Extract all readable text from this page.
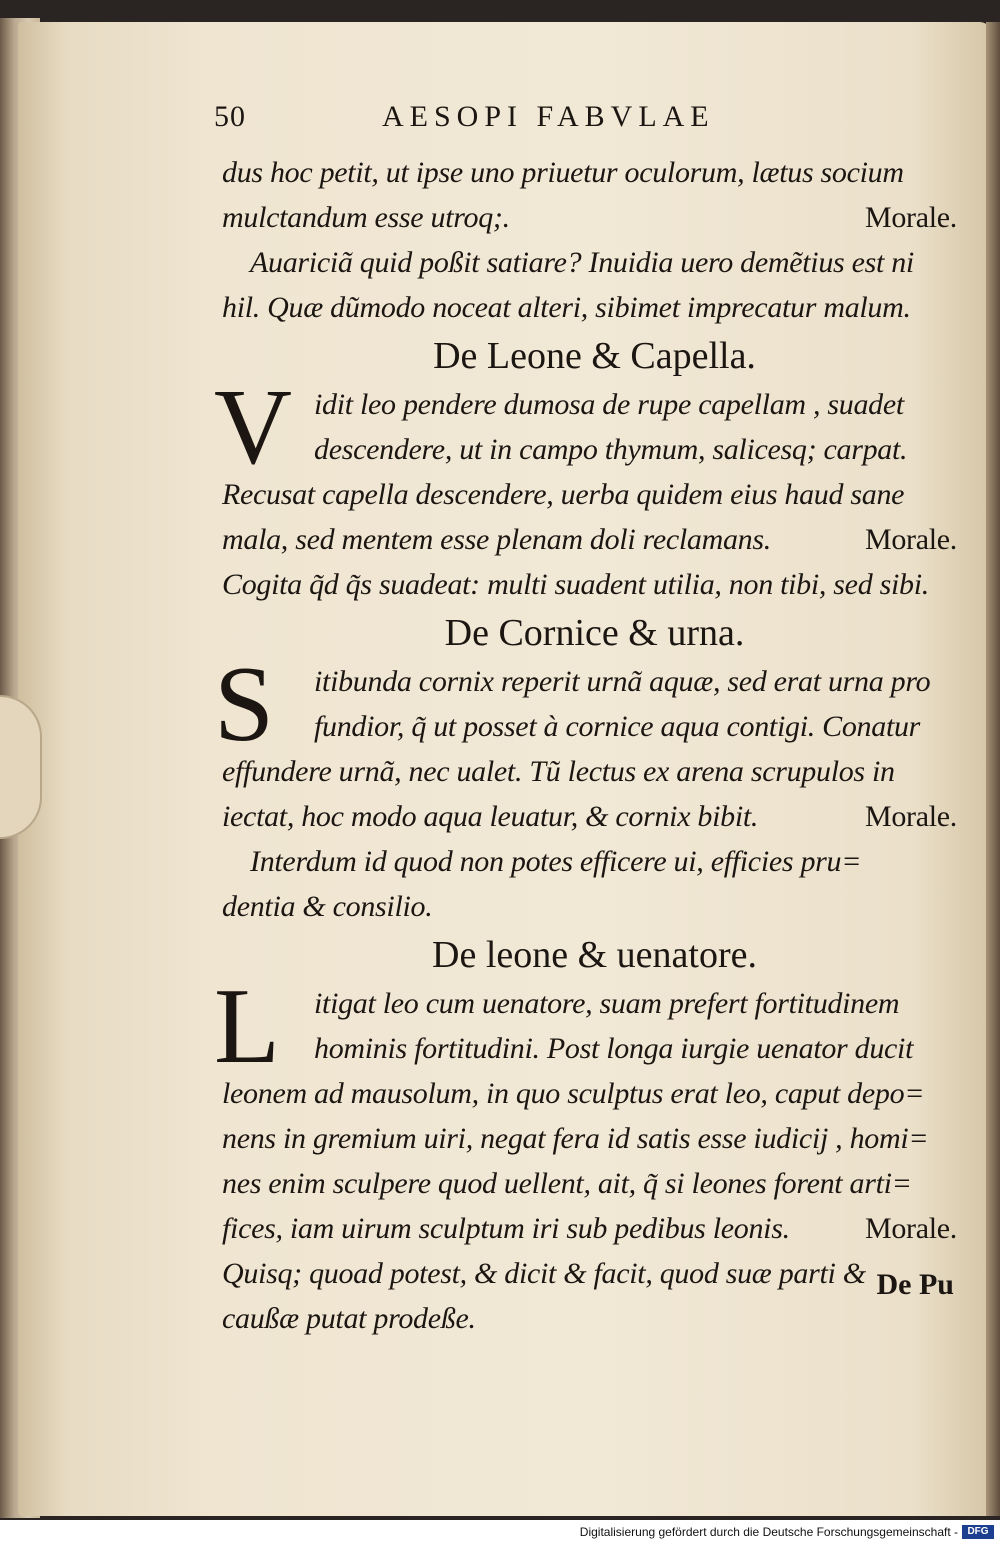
50	AESOPI FABVLAE
dus hoc petit, ut ipse uno priuetur oculorum, lætus socium
mulctandum esse utroq;.	Morale.
Auariciã quid poßit satiare? Inuidia uero demẽtius est ni
hil. Quæ dũmodo noceat alteri, sibimet imprecatur malum.
De Leone & Capella.
V idit leo pendere dumosa de rupe capellam , suadet
descendere, ut in campo thymum, salicesq; carpat.
Recusat capella descendere, uerba quidem eius haud sane
mala, sed mentem esse plenam doli reclamans.	Morale.
Cogita q̃d q̃s suadeat: multi suadent utilia, non tibi, sed sibi.
De Cornice & urna.
S	itibunda cornix reperit urnã aquæ, sed erat urna pro
fundior, q̃ ut posset à cornice aqua contigi. Conatur
effundere urnã, nec ualet. Tũ lectus ex arena scrupulos in
iectat, hoc modo aqua leuatur, & cornix bibit.	Morale.
Interdum id quod non potes efficere ui, efficies pru=
dentia & consilio.
De leone & uenatore.
L	itigat leo cum uenatore, suam prefert fortitudinem
hominis fortitudini. Post longa iurgie uenator ducit
leonem ad mausolum, in quo sculptus erat leo, caput depo=
nens in gremium uiri, negat fera id satis esse iudicij , homi=
nes enim sculpere quod uellent, ait, q̃ si leones forent arti=
fices, iam uirum sculptum iri sub pedibus leonis.	Morale.
Quisq; quoad potest, & dicit & facit, quod suæ parti &
caußæ putat prodeße.
De Pu
Digitalisierung gefördert durch die Deutsche Forschungsgemeinschaft - DFG
